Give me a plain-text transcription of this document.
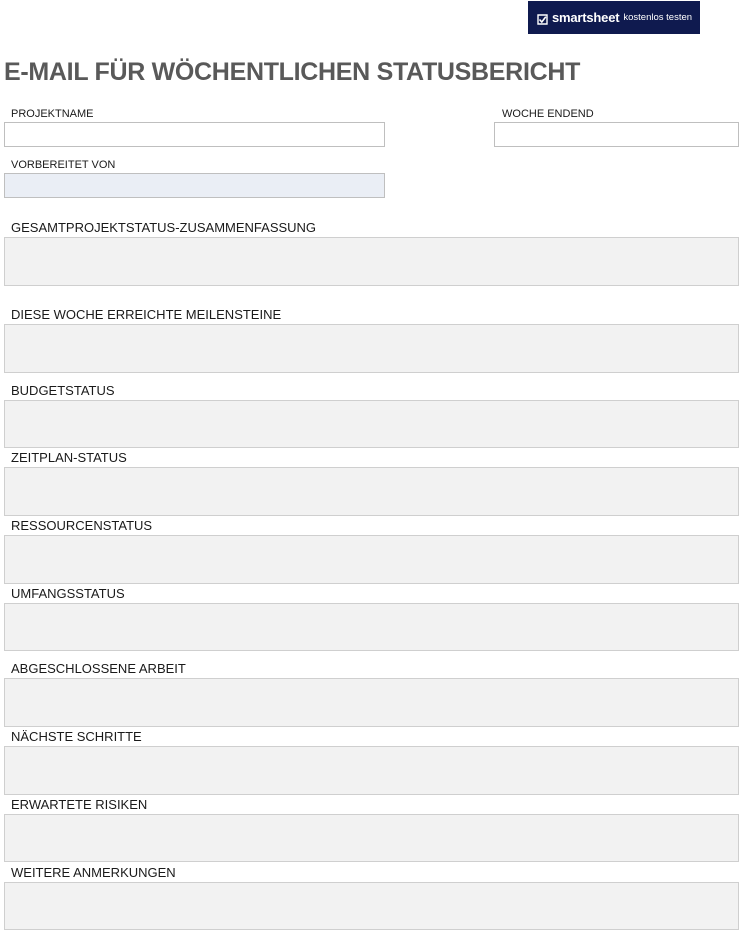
smartsheet kostenlos testen
E-MAIL FÜR WÖCHENTLICHEN STATUSBERICHT
PROJEKTNAME	WOCHE ENDEND
VORBEREITET VON
GESAMTPROJEKTSTATUS-ZUSAMMENFASSUNG
DIESE WOCHE ERREICHTE MEILENSTEINE
BUDGETSTATUS
ZEITPLAN-STATUS
RESSOURCENSTATUS
UMFANGSSTATUS
ABGESCHLOSSENE ARBEIT
NÄCHSTE SCHRITTE
ERWARTETE RISIKEN
WEITERE ANMERKUNGEN
